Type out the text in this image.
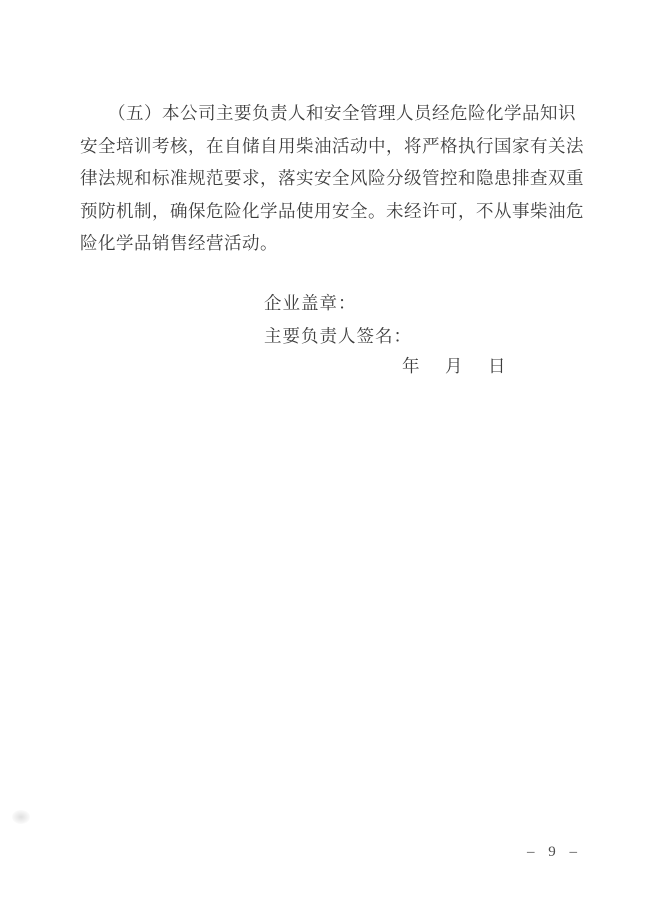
（五）本公司主要负责人和安全管理人员经危险化学品知识
安全培训考核，在自储自用柴油活动中，将严格执行国家有关法
律法规和标准规范要求，落实安全风险分级管控和隐患排查双重
预防机制，确保危险化学品使用安全。未经许可，不从事柴油危
险化学品销售经营活动。
企业盖章：
主要负责人签名：
年　月　日
– 9 –
